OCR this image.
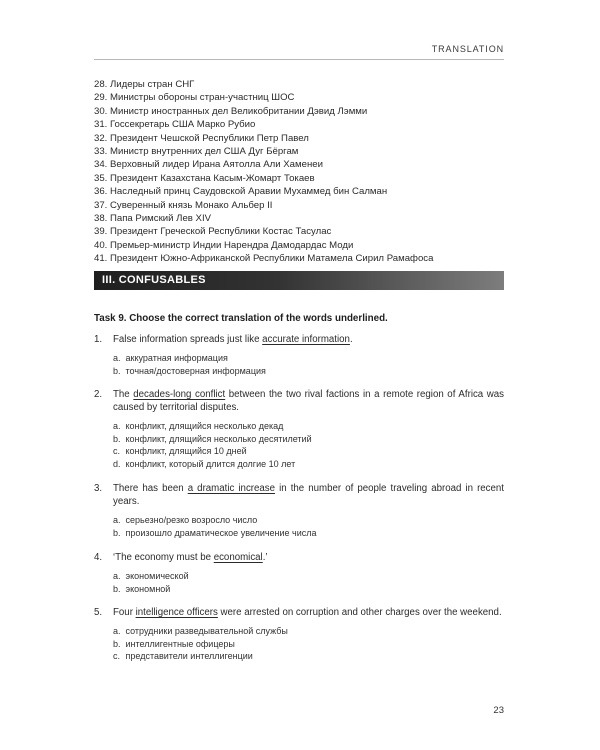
TRANSLATION
28. Лидеры стран СНГ
29. Министры обороны стран-участниц ШОС
30. Министр иностранных дел Великобритании Дэвид Лэмми
31. Госсекретарь США Марко Рубио
32. Президент Чешской Республики Петр Павел
33. Министр внутренних дел США Дуг Бёргам
34. Верховный лидер Ирана Аятолла Али Хаменеи
35. Президент Казахстана Касым-Жомарт Токаев
36. Наследный принц Саудовской Аравии Мухаммед бин Салман
37. Суверенный князь Монако Альбер II
38. Папа Римский Лев XIV
39. Президент Греческой Республики Костас Тасулас
40. Премьер-министр Индии Нарендра Дамодардас Моди
41. Президент Южно-Африканской Республики Матамела Сирил Рамафоса
III. CONFUSABLES
Task 9. Choose the correct translation of the words underlined.
1.	False information spreads just like accurate information.
a. аккуратная информация
b. точная/достоверная информация
2.	The decades-long conflict between the two rival factions in a remote region of Africa was caused by territorial disputes.
a. конфликт, длящийся несколько декад
b. конфликт, длящийся несколько десятилетий
c. конфликт, длящийся 10 дней
d. конфликт, который длится долгие 10 лет
3.	There has been a dramatic increase in the number of people traveling abroad in recent years.
a. серьезно/резко возросло число
b. произошло драматическое увеличение числа
4.	‘The economy must be economical.’
a. экономической
b. экономной
5.	Four intelligence officers were arrested on corruption and other charges over the weekend.
a. сотрудники разведывательной службы
b. интеллигентные офицеры
c. представители интеллигенции
23
